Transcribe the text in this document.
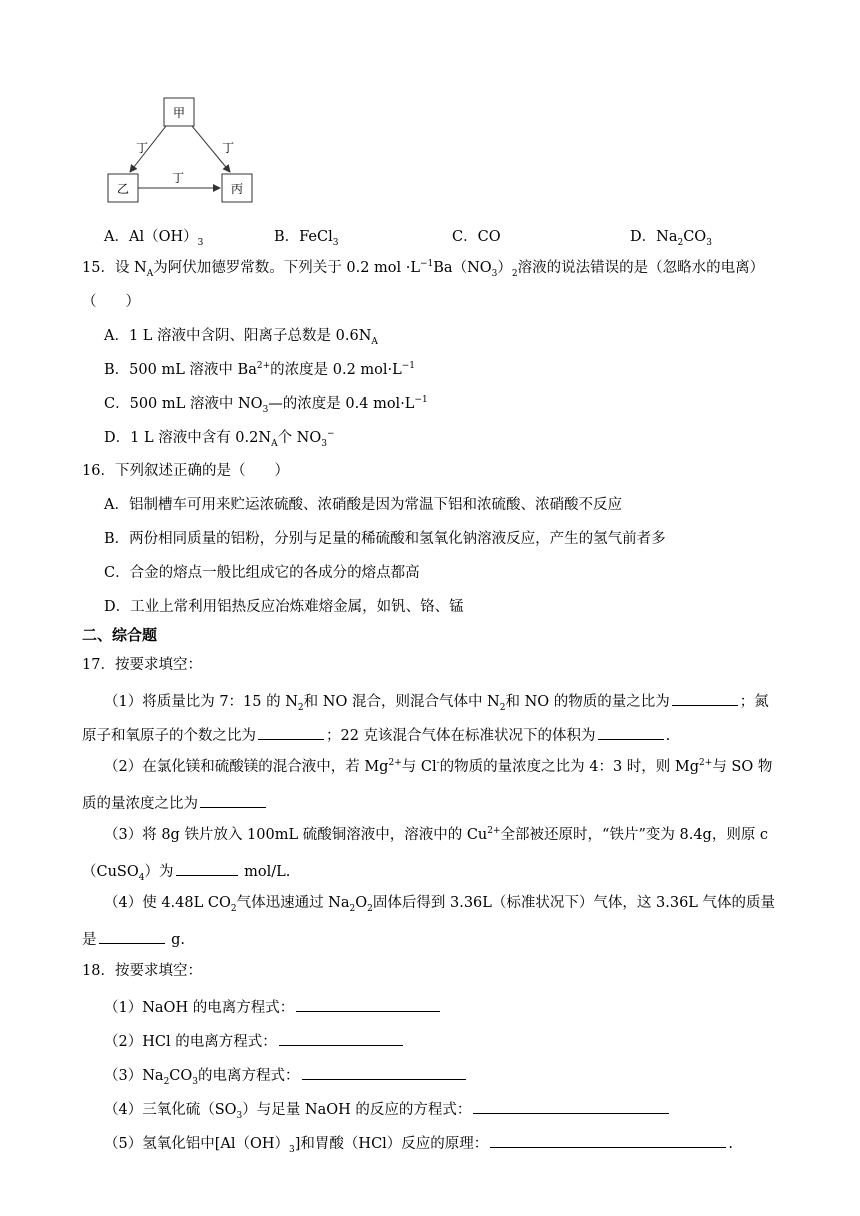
甲
乙	丙
丁	丁
丁
A．$Al(OH)_3$	B．FeCl$_3$	C．CO	D．$Na_2CO_3$
15．设 $N_A$为阿伏加德罗常数。下列关于 0.2 mol $\cdot L^{-1}Ba(NO_3)_2$溶液的说法错误的是（忽略水的电离）
（　　）
A．1 L 溶液中含阴、阳离子总数是 $0.6N_A$
B．500 mL 溶液中 $Ba^{2+}$的浓度是 0.2 $mol\cdot L^{-1}$
C．500 mL 溶液中 $NO_3—$的浓度是 0.4 $mol\cdot L^{-1}$
D．1 L 溶液中含有 $0.2N_A$个 $NO_3^-$
16．下列叙述正确的是（　　）
A．铝制槽车可用来贮运浓硫酸、浓硝酸是因为常温下铝和浓硫酸、浓硝酸不反应
B．两份相同质量的铝粉，分别与足量的稀硫酸和氢氧化钠溶液反应，产生的氢气前者多
C．合金的熔点一般比组成它的各成分的熔点都高
D．工业上常利用铝热反应冶炼难熔金属，如钒、铬、锰
二、综合题
17．按要求填空：
（1）将质量比为 7：15 的 $N_2$和 NO 混合，则混合气体中 $N_2$和 NO 的物质的量之比为	；氮
原子和氧原子的个数之比为	；22 克该混合气体在标准状况下的体积为	.
（2）在氯化镁和硫酸镁的混合液中，若 $Mg^{2+}$与 Cl-的物质的量浓度之比为 4：3 时，则 $Mg^{2+}$与 SO 物
质的量浓度之比为
（3）将 8g 铁片放入 100mL 硫酸铜溶液中，溶液中的 $Cu^{2+}$全部被还原时，“铁片”变为 8.4g，则原 c
（CuSO$_4$）为	mol/L.
（4）使 4.48L $CO_2$气体迅速通过 $Na_2O_2$固体后得到 3.36L（标准状况下）气体，这 3.36L 气体的质量
是	g.
18．按要求填空：
（1）NaOH 的电离方程式：
（2）HCl 的电离方程式：
$(3)Na_2CO_3$的电离方程式：
（4）三氧化硫$(SO_3)$与足量 NaOH 的反应的方程式：
（5）氢氧化铝中$[Al(OH)_3]$和胃酸（HCl）反应的原理：	.
